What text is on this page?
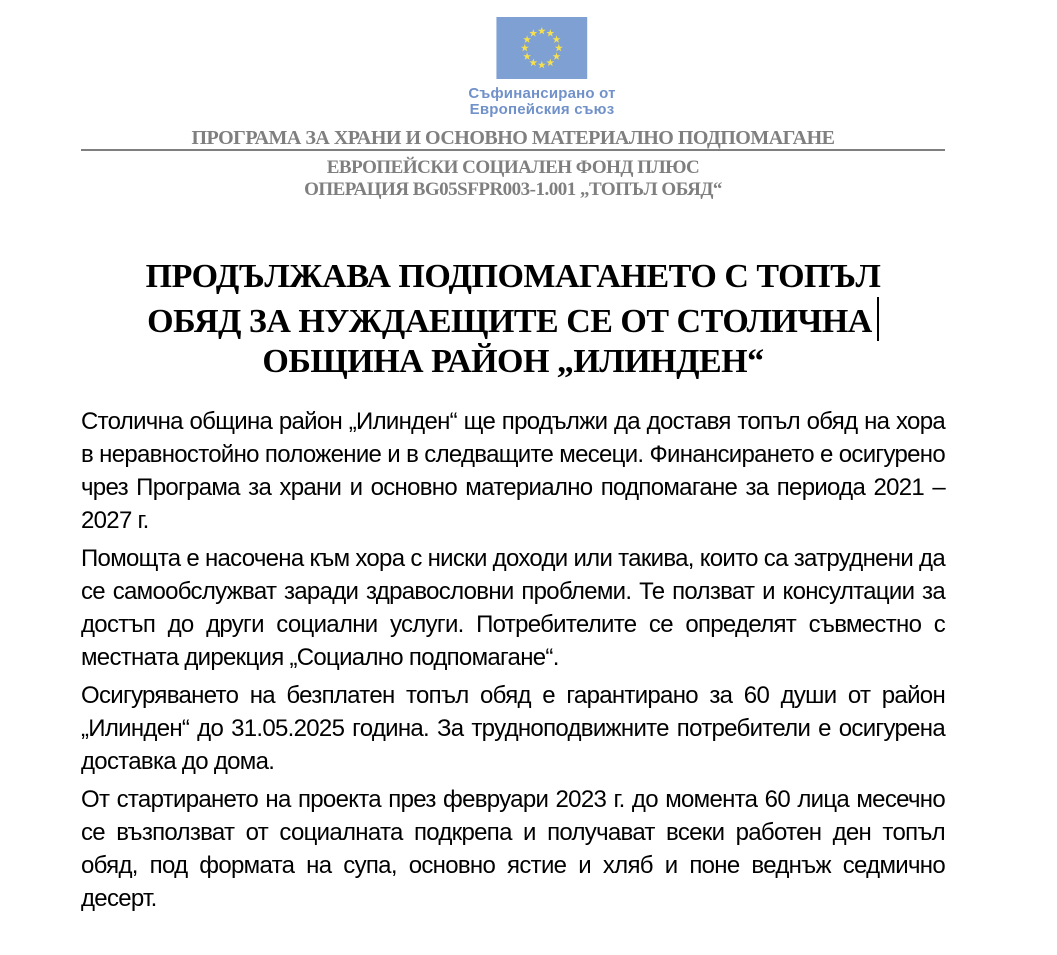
Съфинансирано от
Европейския съюз
ПРОГРАМА ЗА ХРАНИ И ОСНОВНО МАТЕРИАЛНО ПОДПОМАГАНЕ
ЕВРОПЕЙСКИ СОЦИАЛЕН ФОНД ПЛЮС
ОПЕРАЦИЯ BG05SFPR003-1.001 „ТОПЪЛ ОБЯД“
ПРОДЪЛЖАВА ПОДПОМАГАНЕТО С ТОПЪЛ
ОБЯД ЗА НУЖДАЕЩИТЕ СЕ ОТ СТОЛИЧНА
ОБЩИНА РАЙОН „ИЛИНДЕН“

Столична община район „Илинден“ ще продължи да доставя топъл обяд на хора в неравностойно положение и в следващите месеци. Финансирането е осигурено чрез Програма за храни и основно материално подпомагане за периода 2021 – 2027 г.

Помощта е насочена към хора с ниски доходи или такива, които са затруднени да се самообслужват заради здравословни проблеми. Те ползват и консултации за достъп до други социални услуги. Потребителите се определят съвместно с местната дирекция „Социално подпомагане“.

Осигуряването на безплатен топъл обяд е гарантирано за 60 души от район „Илинден“ до 31.05.2025 година. За трудноподвижните потребители е осигурена доставка до дома.

От стартирането на проекта през февруари 2023 г. до момента 60 лица месечно се възползват от социалната подкрепа и получават всеки работен ден топъл обяд, под формата на супа, основно ястие и хляб и поне веднъж седмично десерт.
